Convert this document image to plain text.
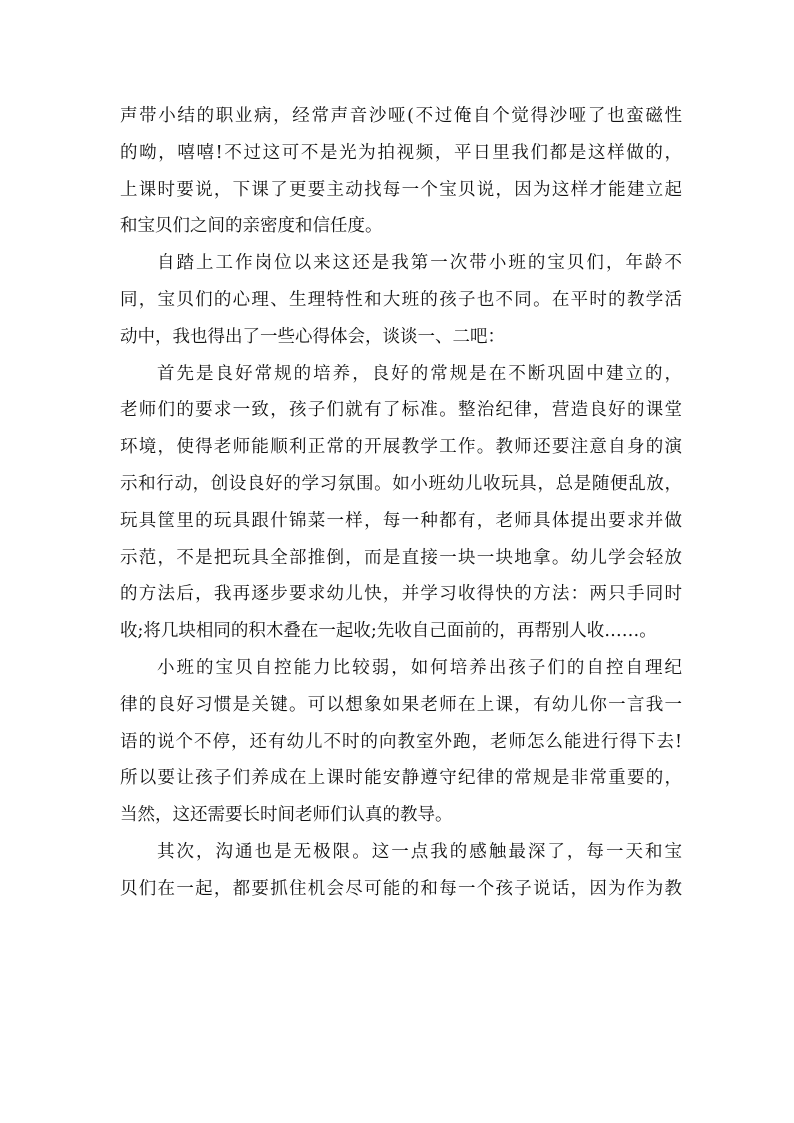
声带小结的职业病，经常声音沙哑(不过俺自个觉得沙哑了也蛮磁性
的呦，嘻嘻!不过这可不是光为拍视频，平日里我们都是这样做的，
上课时要说，下课了更要主动找每一个宝贝说，因为这样才能建立起
和宝贝们之间的亲密度和信任度。
自踏上工作岗位以来这还是我第一次带小班的宝贝们，年龄不
同，宝贝们的心理、生理特性和大班的孩子也不同。在平时的教学活
动中，我也得出了一些心得体会，谈谈一、二吧：
首先是良好常规的培养，良好的常规是在不断巩固中建立的，
老师们的要求一致，孩子们就有了标准。整治纪律，营造良好的课堂
环境，使得老师能顺利正常的开展教学工作。教师还要注意自身的演
示和行动，创设良好的学习氛围。如小班幼儿收玩具，总是随便乱放，
玩具筐里的玩具跟什锦菜一样，每一种都有，老师具体提出要求并做
示范，不是把玩具全部推倒，而是直接一块一块地拿。幼儿学会轻放
的方法后，我再逐步要求幼儿快，并学习收得快的方法：两只手同时
收;将几块相同的积木叠在一起收;先收自己面前的，再帮别人收……。
小班的宝贝自控能力比较弱，如何培养出孩子们的自控自理纪
律的良好习惯是关键。可以想象如果老师在上课，有幼儿你一言我一
语的说个不停，还有幼儿不时的向教室外跑，老师怎么能进行得下去!
所以要让孩子们养成在上课时能安静遵守纪律的常规是非常重要的，
当然，这还需要长时间老师们认真的教导。
其次，沟通也是无极限。这一点我的感触最深了，每一天和宝
贝们在一起，都要抓住机会尽可能的和每一个孩子说话，因为作为教
